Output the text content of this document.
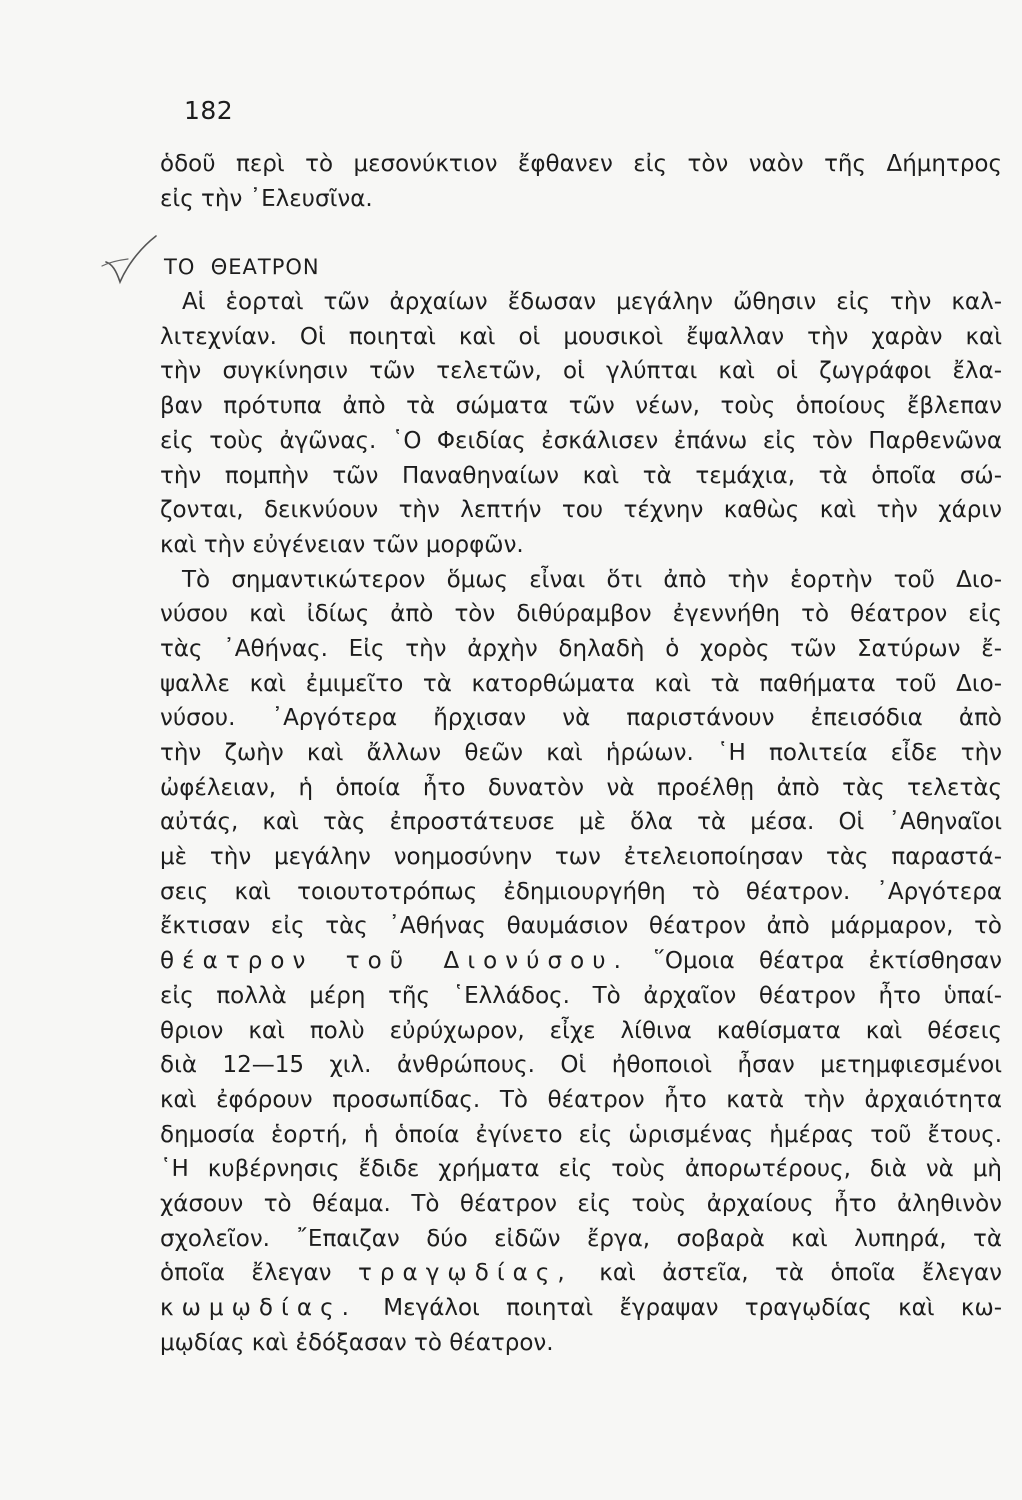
182
ὁδοῦ περὶ τὸ μεσονύκτιον ἔφθανεν εἰς τὸν ναὸν τῆς Δήμητρος
εἰς τὴν ᾿Ελευσῖνα.
ΤΟ  ΘΕΑΤΡΟΝ
Αἱ ἑορταὶ τῶν ἀρχαίων ἔδωσαν μεγάλην ὤθησιν εἰς τὴν καλ-
λιτεχνίαν. Οἱ ποιηταὶ καὶ οἱ μουσικοὶ ἔψαλλαν τὴν χαρὰν καὶ
τὴν συγκίνησιν τῶν τελετῶν, οἱ γλύπται καὶ οἱ ζωγράφοι ἔλα-
βαν πρότυπα ἀπὸ τὰ σώματα τῶν νέων, τοὺς ὁποίους ἔβλεπαν
εἰς τοὺς ἀγῶνας. ῾Ο Φειδίας ἐσκάλισεν ἐπάνω εἰς τὸν Παρθενῶνα
τὴν πομπὴν τῶν Παναθηναίων καὶ τὰ τεμάχια, τὰ ὁποῖα σώ-
ζονται, δεικνύουν τὴν λεπτήν του τέχνην καθὼς καὶ τὴν χάριν
καὶ τὴν εὐγένειαν τῶν μορφῶν.
Τὸ σημαντικώτερον ὅμως εἶναι ὅτι ἀπὸ τὴν ἑορτὴν τοῦ Διο-
νύσου καὶ ἰδίως ἀπὸ τὸν διθύραμβον ἐγεννήθη τὸ θέατρον εἰς
τὰς ᾿Αθήνας. Εἰς τὴν ἀρχὴν δηλαδὴ ὁ χορὸς τῶν Σατύρων ἔ-
ψαλλε καὶ ἐμιμεῖτο τὰ κατορθώματα καὶ τὰ παθήματα τοῦ Διο-
νύσου. ᾿Αργότερα ἤρχισαν νὰ παριστάνουν ἐπεισόδια ἀπὸ
τὴν ζωὴν καὶ ἄλλων θεῶν καὶ ἡρώων. ῾Η πολιτεία εἶδε τὴν
ὠφέλειαν, ἡ ὁποία ἦτο δυνατὸν νὰ προέλθῃ ἀπὸ τὰς τελετὰς
αὐτάς, καὶ τὰς ἐπροστάτευσε μὲ ὅλα τὰ μέσα. Οἱ ᾿Αθηναῖοι
μὲ τὴν μεγάλην νοημοσύνην των ἐτελειοποίησαν τὰς παραστά-
σεις καὶ τοιουτοτρόπως ἐδημιουργήθη τὸ θέατρον. ᾿Αργότερα
ἔκτισαν εἰς τὰς ᾿Αθήνας θαυμάσιον θέατρον ἀπὸ μάρμαρον, τὸ
θέατρον τοῦ Διονύσου. ῞Ομοια θέατρα ἐκτίσθησαν
εἰς πολλὰ μέρη τῆς ῾Ελλάδος. Τὸ ἀρχαῖον θέατρον ἦτο ὑπαί-
θριον καὶ πολὺ εὐρύχωρον, εἶχε λίθινα καθίσματα καὶ θέσεις
διὰ 12—15 χιλ. ἀνθρώπους. Οἱ ἠθοποιοὶ ἦσαν μετημφιεσμένοι
καὶ ἐφόρουν προσωπίδας. Τὸ θέατρον ἦτο κατὰ τὴν ἀρχαιότητα
δημοσία ἑορτή, ἡ ὁποία ἐγίνετο εἰς ὡρισμένας ἡμέρας τοῦ ἔτους.
῾Η κυβέρνησις ἔδιδε χρήματα εἰς τοὺς ἀπορωτέρους, διὰ νὰ μὴ
χάσουν τὸ θέαμα. Τὸ θέατρον εἰς τοὺς ἀρχαίους ἦτο ἀληθινὸν
σχολεῖον. ῎Επαιζαν δύο εἰδῶν ἔργα, σοβαρὰ καὶ λυπηρά, τὰ
ὁποῖα ἔλεγαν τραγῳδίας, καὶ ἀστεῖα, τὰ ὁποῖα ἔλεγαν
κωμῳδίας. Μεγάλοι ποιηταὶ ἔγραψαν τραγῳδίας καὶ κω-
μῳδίας καὶ ἐδόξασαν τὸ θέατρον.
